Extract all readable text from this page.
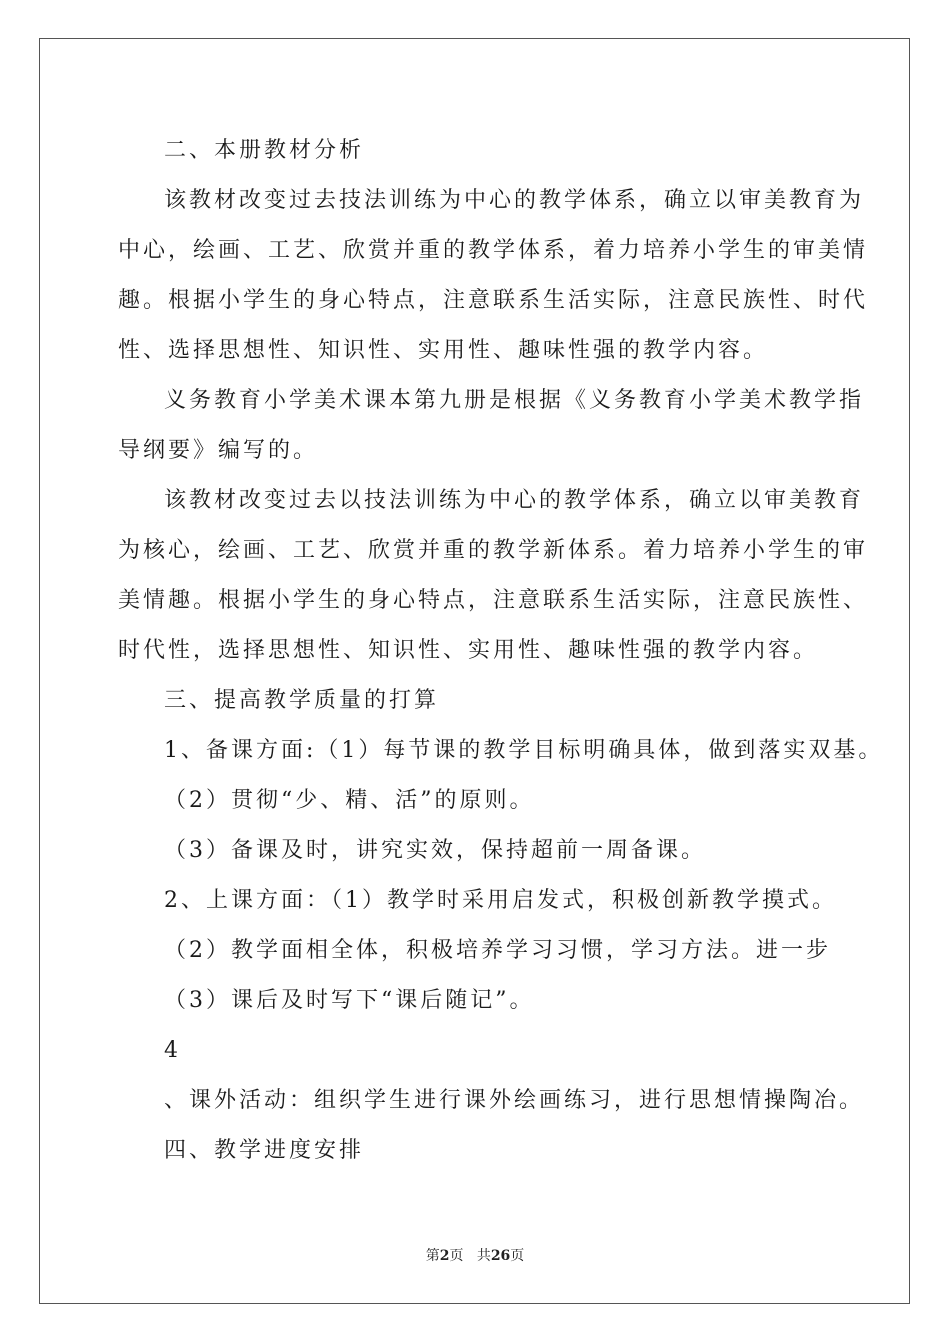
二、本册教材分析
该教材改变过去技法训练为中心的教学体系，确立以审美教育为
中心，绘画、工艺、欣赏并重的教学体系，着力培养小学生的审美情
趣。根据小学生的身心特点，注意联系生活实际，注意民族性、时代
性、选择思想性、知识性、实用性、趣味性强的教学内容。
义务教育小学美术课本第九册是根据《义务教育小学美术教学指
导纲要》编写的。
该教材改变过去以技法训练为中心的教学体系，确立以审美教育
为核心，绘画、工艺、欣赏并重的教学新体系。着力培养小学生的审
美情趣。根据小学生的身心特点，注意联系生活实际，注意民族性、
时代性，选择思想性、知识性、实用性、趣味性强的教学内容。
三、提高教学质量的打算
1、备课方面:（1）每节课的教学目标明确具体，做到落实双基。
（2）贯彻“少、精、活”的原则。
（3）备课及时，讲究实效，保持超前一周备课。
2、上课方面：（1）教学时采用启发式，积极创新教学摸式。
（2）教学面相全体，积极培养学习习惯，学习方法。进一步
（3）课后及时写下“课后随记”。
4
、课外活动：组织学生进行课外绘画练习，进行思想情操陶冶。
四、教学进度安排
第2页 共26页
